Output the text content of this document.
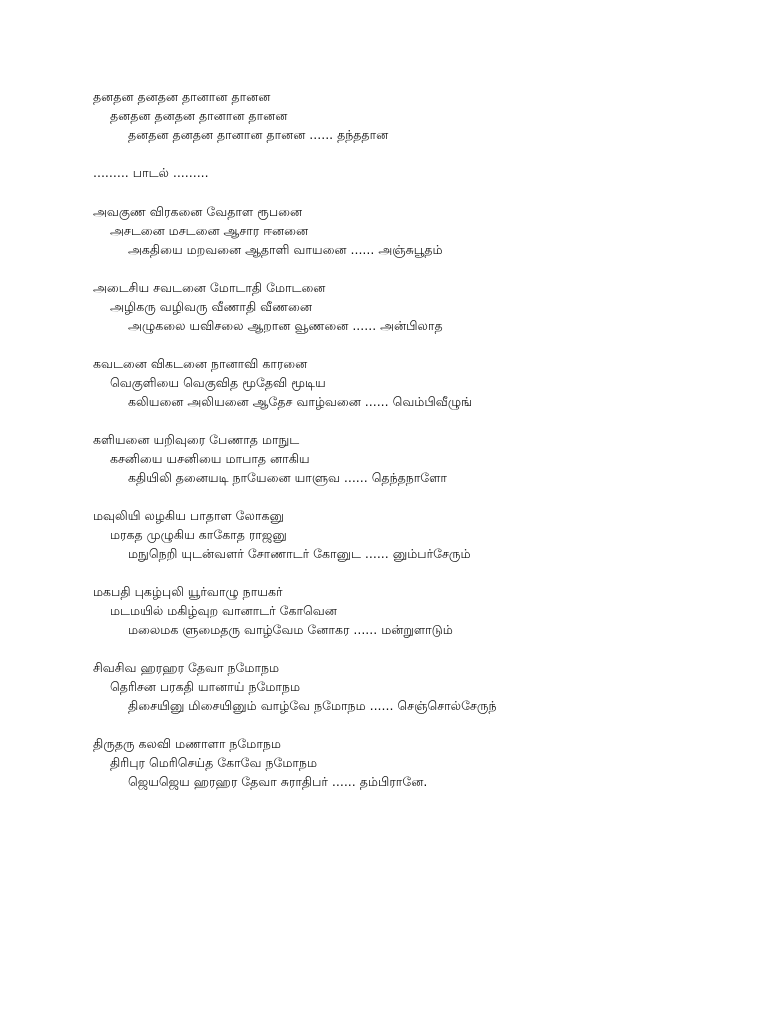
தனதன தனதன தானான தானன
தனதன தனதன தானான தானன
தனதன தனதன தானான தானன ...... தந்ததான
......... பாடல் .........
அவகுண விரகனை வேதாள ரூபனை
அசடனை மசடனை ஆசார ஈனனை
அகதியை மறவனை ஆதாளி வாயனை ...... அஞ்சுபூதம்
அடைசிய சவடனை மோடாதி மோடனை
அழிகரு வழிவரு வீணாதி வீணனை
அழுகலை யவிசலை ஆறான வூணனை ...... அன்பிலாத
கவடனை விகடனை நானாவி காரனை
வெகுளியை வெகுவித மூதேவி மூடிய
கலியனை அலியனை ஆதேச வாழ்வனை ...... வெம்பிவீழுங்
களியனை யறிவுரை பேணாத மாநுட
கசனியை யசனியை மாபாத னாகிய
கதியிலி தனையடி நாயேனை யாளுவ ...... தெந்தநாளோ
மவுலியி லழகிய பாதாள லோகனு
மரகத முழுகிய காகோத ராஜனு
மநுநெறி யுடன்வளர் சோணாடர் கோனுட ...... னும்பர்சேரும்
மகபதி புகழ்புலி யூர்வாழு நாயகர்
மடமயில் மகிழ்வுற வானாடர் கோவென
மலைமக ளுமைதரு வாழ்வேம னோகர ...... மன்றுளாடும்
சிவசிவ ஹரஹர தேவா நமோநம
தெரிசன பரகதி யானாய் நமோநம
திசையினு மிசையினும் வாழ்வே நமோநம ...... செஞ்சொல்சேருந்
திருதரு கலவி மணாளா நமோநம
திரிபுர மெரிசெய்த கோவே நமோநம
ஜெயஜெய ஹரஹர தேவா சுராதிபர் ...... தம்பிரானே.
